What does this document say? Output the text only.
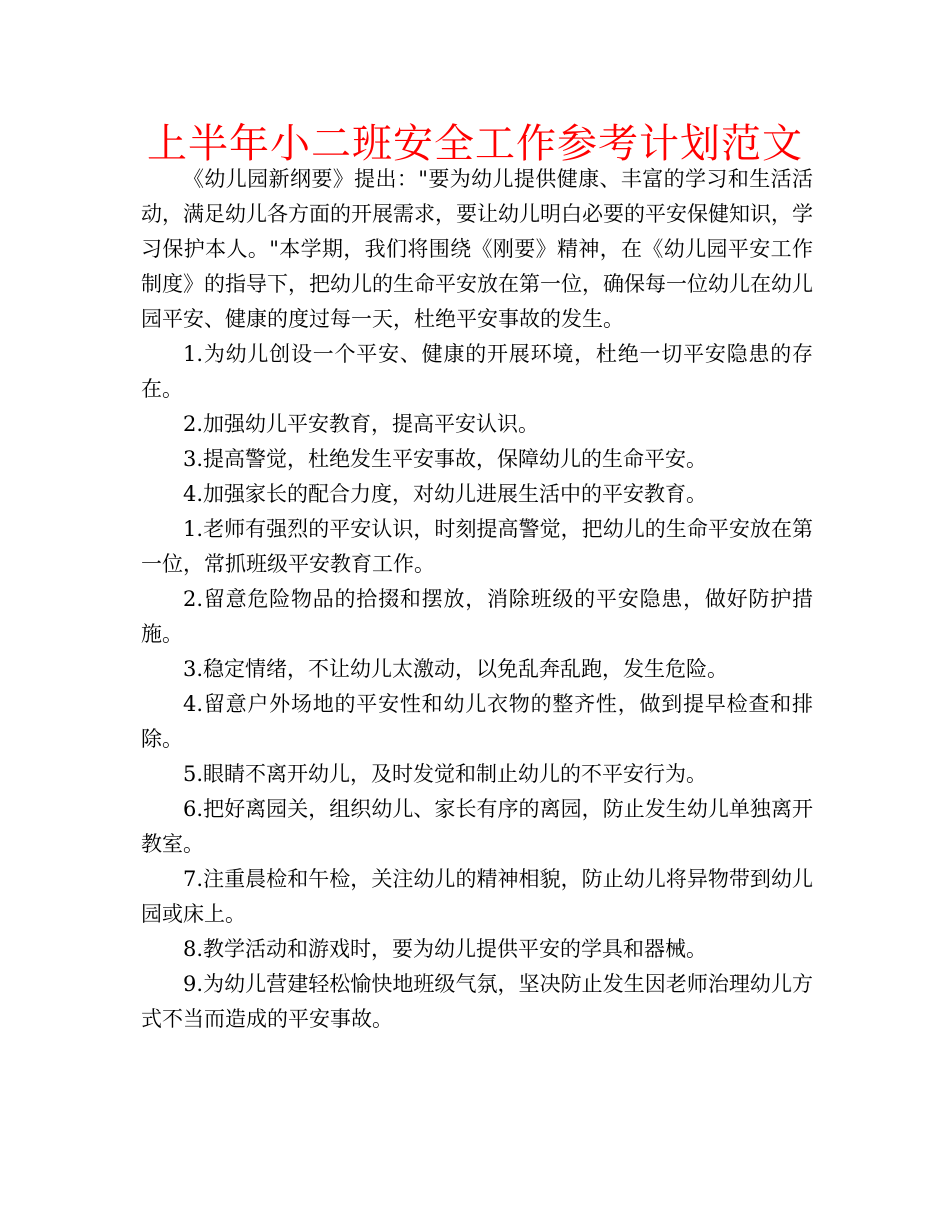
上半年小二班安全工作参考计划范文

《幼儿园新纲要》提出："要为幼儿提供健康、丰富的学习和生活活动，满足幼儿各方面的开展需求，要让幼儿明白必要的平安保健知识，学习保护本人。"本学期，我们将围绕《刚要》精神，在《幼儿园平安工作制度》的指导下，把幼儿的生命平安放在第一位，确保每一位幼儿在幼儿园平安、健康的度过每一天，杜绝平安事故的发生。

1.为幼儿创设一个平安、健康的开展环境，杜绝一切平安隐患的存在。

2.加强幼儿平安教育，提高平安认识。

3.提高警觉，杜绝发生平安事故，保障幼儿的生命平安。

4.加强家长的配合力度，对幼儿进展生活中的平安教育。

1.老师有强烈的平安认识，时刻提高警觉，把幼儿的生命平安放在第一位，常抓班级平安教育工作。

2.留意危险物品的拾掇和摆放，消除班级的平安隐患，做好防护措施。

3.稳定情绪，不让幼儿太激动，以免乱奔乱跑，发生危险。

4.留意户外场地的平安性和幼儿衣物的整齐性，做到提早检查和排除。

5.眼睛不离开幼儿，及时发觉和制止幼儿的不平安行为。

6.把好离园关，组织幼儿、家长有序的离园，防止发生幼儿单独离开教室。

7.注重晨检和午检，关注幼儿的精神相貌，防止幼儿将异物带到幼儿园或床上。

8.教学活动和游戏时，要为幼儿提供平安的学具和器械。

9.为幼儿营建轻松愉快地班级气氛，坚决防止发生因老师治理幼儿方式不当而造成的平安事故。
